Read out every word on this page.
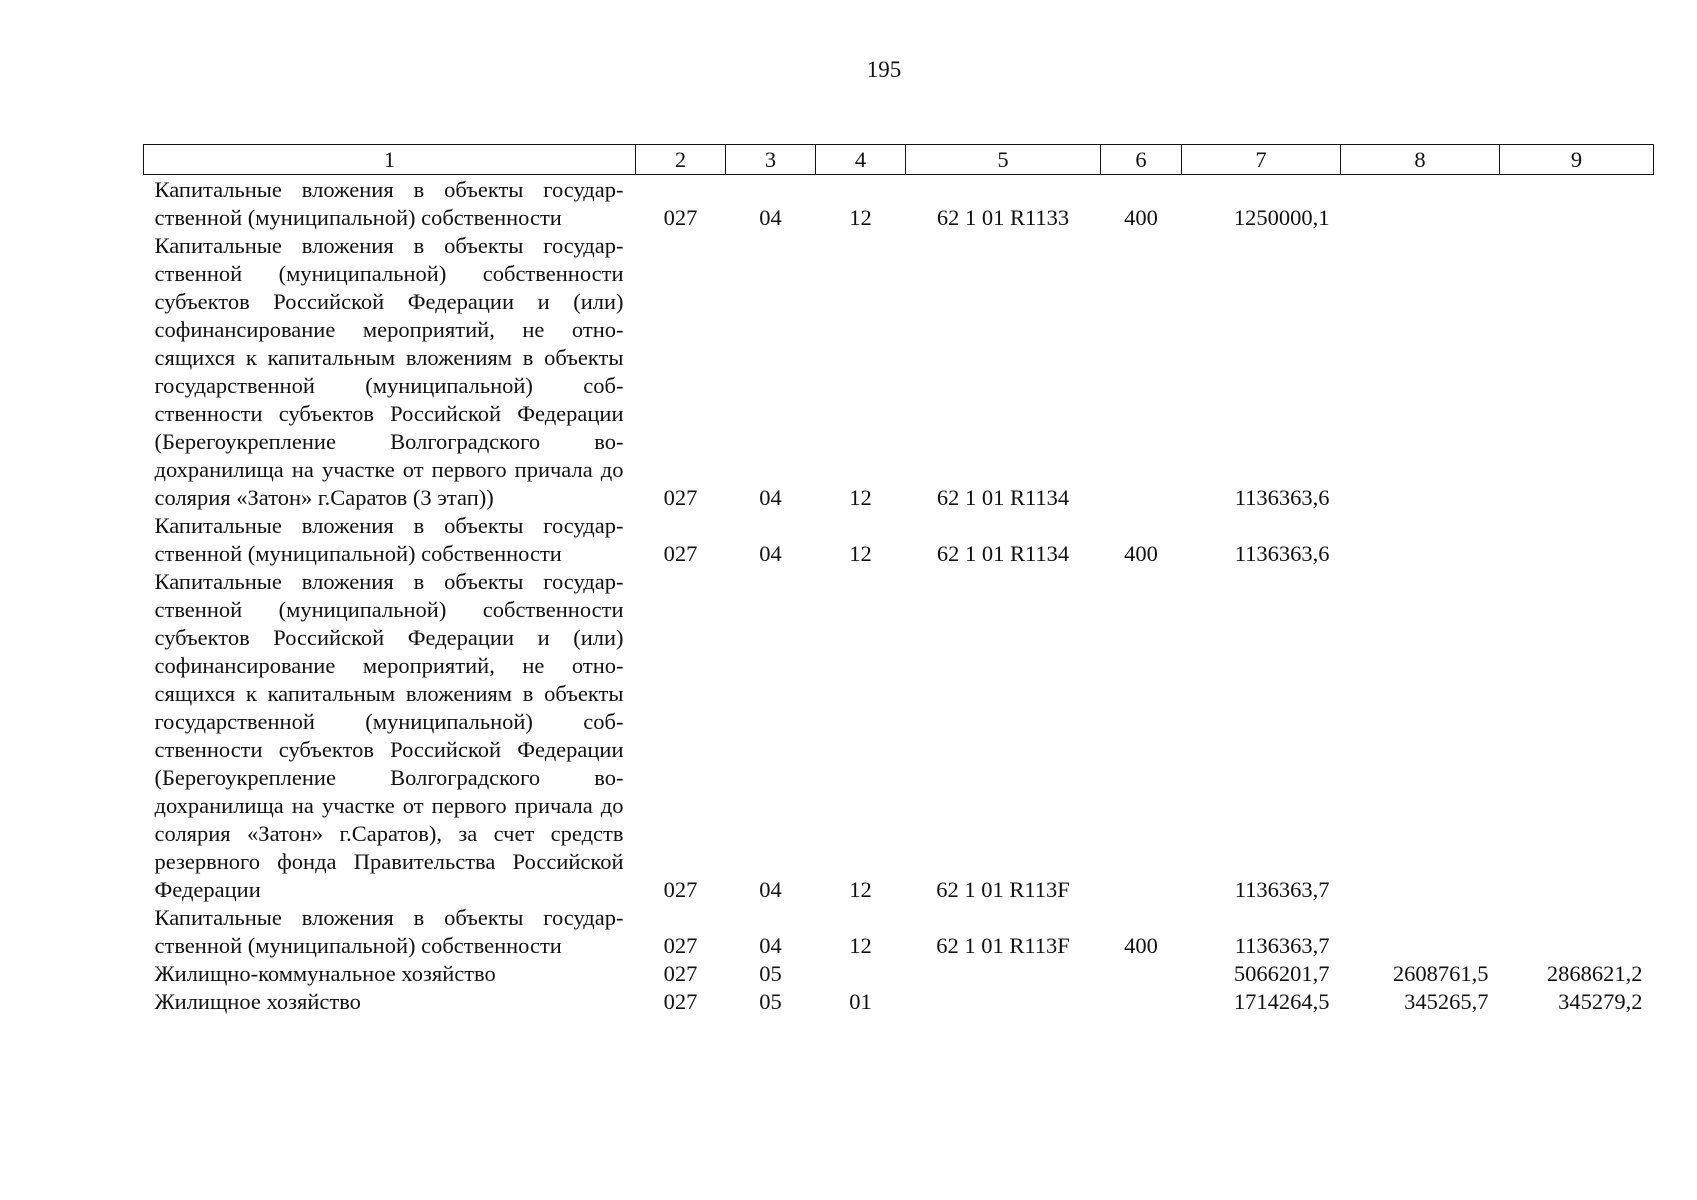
195
1	2	3	4	5	6	7	8	9
Капитальные вложения в объекты государственной (муниципальной) собственности	027	04	12	62 1 01 R1133	400	1250000,1		
Капитальные вложения в объекты государственной (муниципальной) собственности субъектов Российской Федерации и (или) софинансирование мероприятий, не относящихся к капитальным вложениям в объекты государственной (муниципальной) собственности субъектов Российской Федерации (Берегоукрепление Волгоградского водохранилища на участке от первого причала до солярия «Затон» г.Саратов (3 этап))	027	04	12	62 1 01 R1134		1136363,6		
Капитальные вложения в объекты государственной (муниципальной) собственности	027	04	12	62 1 01 R1134	400	1136363,6		
Капитальные вложения в объекты государственной (муниципальной) собственности субъектов Российской Федерации и (или) софинансирование мероприятий, не относящихся к капитальным вложениям в объекты государственной (муниципальной) собственности субъектов Российской Федерации (Берегоукрепление Волгоградского водохранилища на участке от первого причала до солярия «Затон» г.Саратов), за счет средств резервного фонда Правительства Российской Федерации	027	04	12	62 1 01 R113F		1136363,7		
Капитальные вложения в объекты государственной (муниципальной) собственности	027	04	12	62 1 01 R113F	400	1136363,7		
Жилищно-коммунальное хозяйство	027	05				5066201,7	2608761,5	2868621,2
Жилищное хозяйство	027	05	01			1714264,5	345265,7	345279,2
